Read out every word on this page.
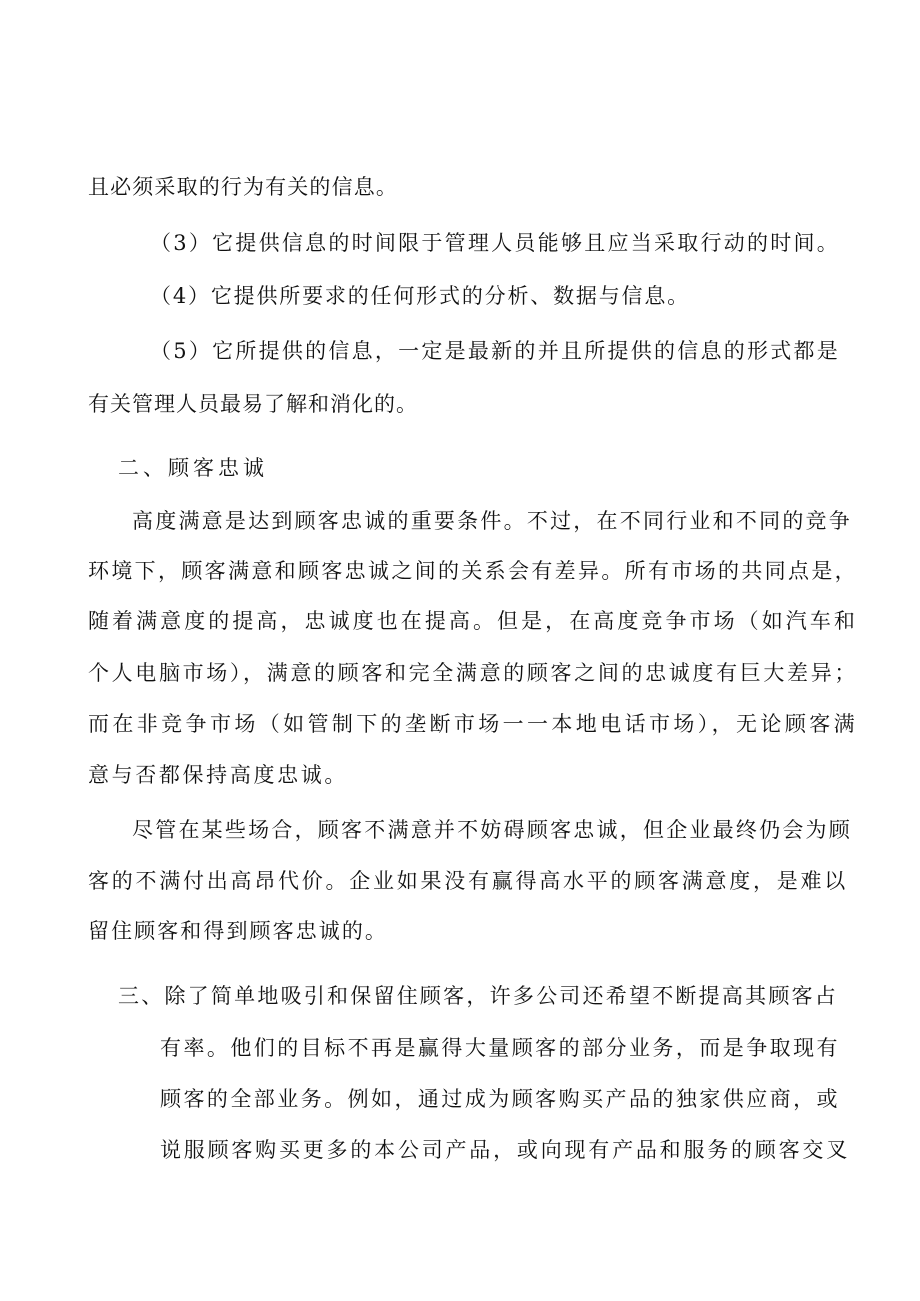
且必须采取的行为有关的信息。
（3）它提供信息的时间限于管理人员能够且应当采取行动的时间。
（4）它提供所要求的任何形式的分析、数据与信息。
（5）它所提供的信息，一定是最新的并且所提供的信息的形式都是
有关管理人员最易了解和消化的。
二、顾客忠诚
高度满意是达到顾客忠诚的重要条件。不过，在不同行业和不同的竞争
环境下，顾客满意和顾客忠诚之间的关系会有差异。所有市场的共同点是，
随着满意度的提高，忠诚度也在提高。但是，在高度竞争市场（如汽车和
个人电脑市场），满意的顾客和完全满意的顾客之间的忠诚度有巨大差异；
而在非竞争市场（如管制下的垄断市场一一本地电话市场），无论顾客满
意与否都保持高度忠诚。
尽管在某些场合，顾客不满意并不妨碍顾客忠诚，但企业最终仍会为顾
客的不满付出高昂代价。企业如果没有赢得高水平的顾客满意度，是难以
留住顾客和得到顾客忠诚的。
三、除了简单地吸引和保留住顾客，许多公司还希望不断提高其顾客占
有率。他们的目标不再是赢得大量顾客的部分业务，而是争取现有
顾客的全部业务。例如，通过成为顾客购买产品的独家供应商，或
说服顾客购买更多的本公司产品，或向现有产品和服务的顾客交叉
